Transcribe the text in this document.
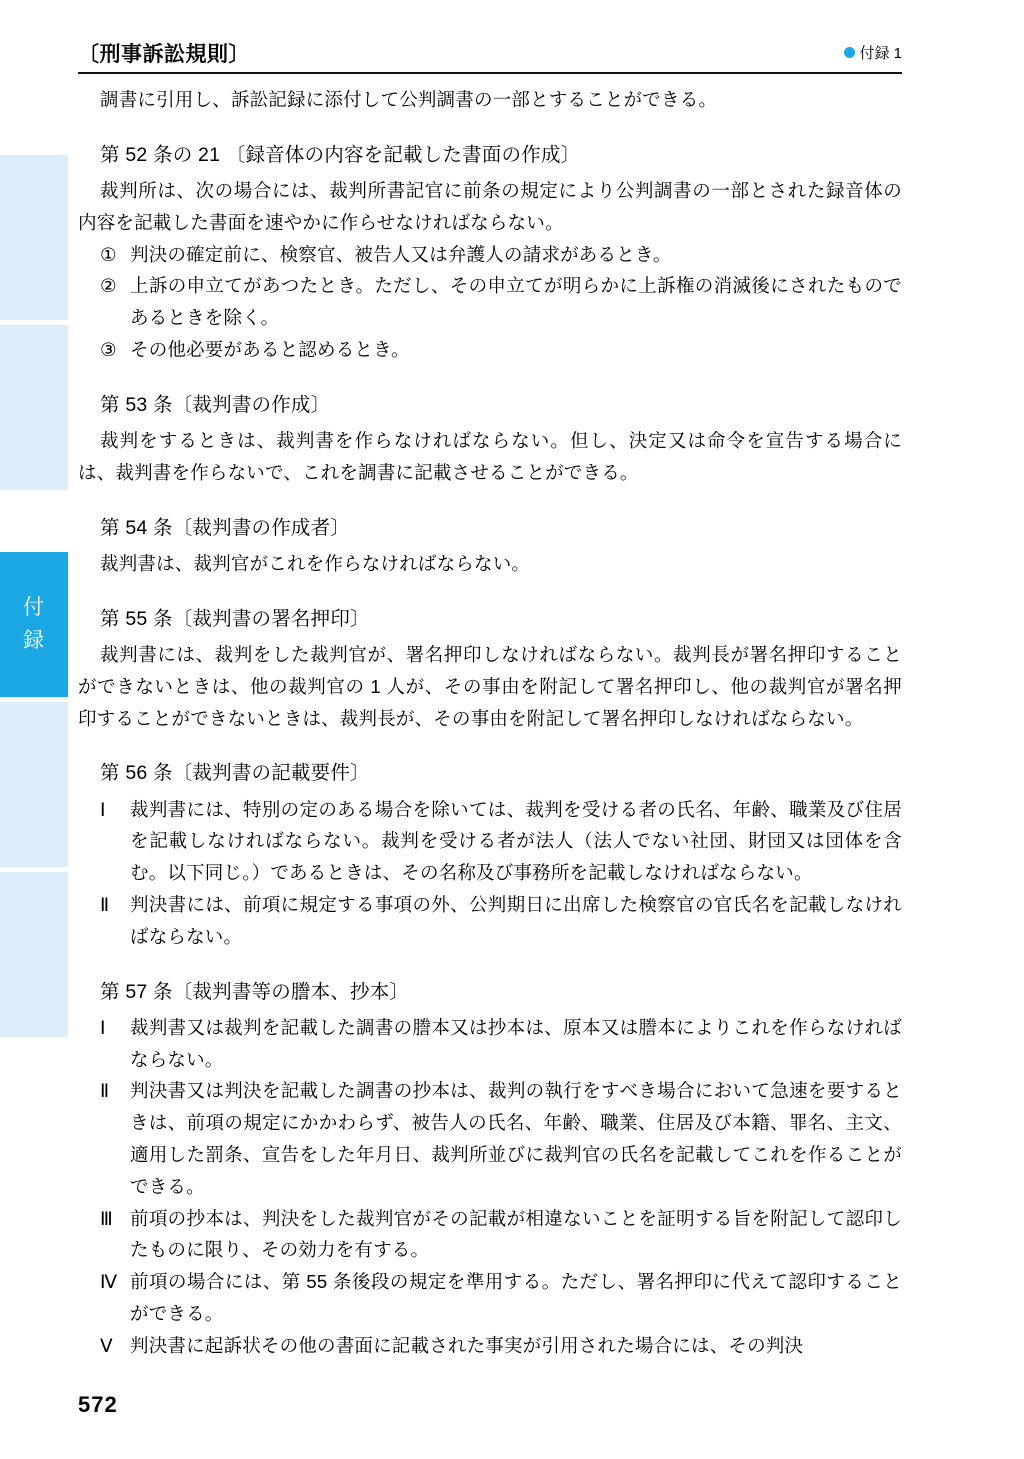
付
録
〔刑事訴訟規則〕	付録 1
調書に引用し、訴訟記録に添付して公判調書の一部とすることができる。
第 52 条の 21 〔録音体の内容を記載した書面の作成〕
裁判所は、次の場合には、裁判所書記官に前条の規定により公判調書の一部とされた録音体の内容を記載した書面を速やかに作らせなければならない。
① 判決の確定前に、検察官、被告人又は弁護人の請求があるとき。
② 上訴の申立てがあつたとき。ただし、その申立てが明らかに上訴権の消滅後にされたものであるときを除く。
③ その他必要があると認めるとき。
第 53 条〔裁判書の作成〕
裁判をするときは、裁判書を作らなければならない。但し、決定又は命令を宣告する場合には、裁判書を作らないで、これを調書に記載させることができる。
第 54 条〔裁判書の作成者〕
裁判書は、裁判官がこれを作らなければならない。
第 55 条〔裁判書の署名押印〕
裁判書には、裁判をした裁判官が、署名押印しなければならない。裁判長が署名押印することができないときは、他の裁判官の 1 人が、その事由を附記して署名押印し、他の裁判官が署名押印することができないときは、裁判長が、その事由を附記して署名押印しなければならない。
第 56 条〔裁判書の記載要件〕
Ⅰ	裁判書には、特別の定のある場合を除いては、裁判を受ける者の氏名、年齢、職業及び住居を記載しなければならない。裁判を受ける者が法人（法人でない社団、財団又は団体を含む。以下同じ。）であるときは、その名称及び事務所を記載しなければならない。
Ⅱ	判決書には、前項に規定する事項の外、公判期日に出席した検察官の官氏名を記載しなければならない。
第 57 条〔裁判書等の謄本、抄本〕
Ⅰ	裁判書又は裁判を記載した調書の謄本又は抄本は、原本又は謄本によりこれを作らなければならない。
Ⅱ	判決書又は判決を記載した調書の抄本は、裁判の執行をすべき場合において急速を要するときは、前項の規定にかかわらず、被告人の氏名、年齢、職業、住居及び本籍、罪名、主文、適用した罰条、宣告をした年月日、裁判所並びに裁判官の氏名を記載してこれを作ることができる。
Ⅲ 前項の抄本は、判決をした裁判官がその記載が相違ないことを証明する旨を附記して認印したものに限り、その効力を有する。
Ⅳ 前項の場合には、第 55 条後段の規定を準用する。ただし、署名押印に代えて認印することができる。
Ⅴ 判決書に起訴状その他の書面に記載された事実が引用された場合には、その判決
572
